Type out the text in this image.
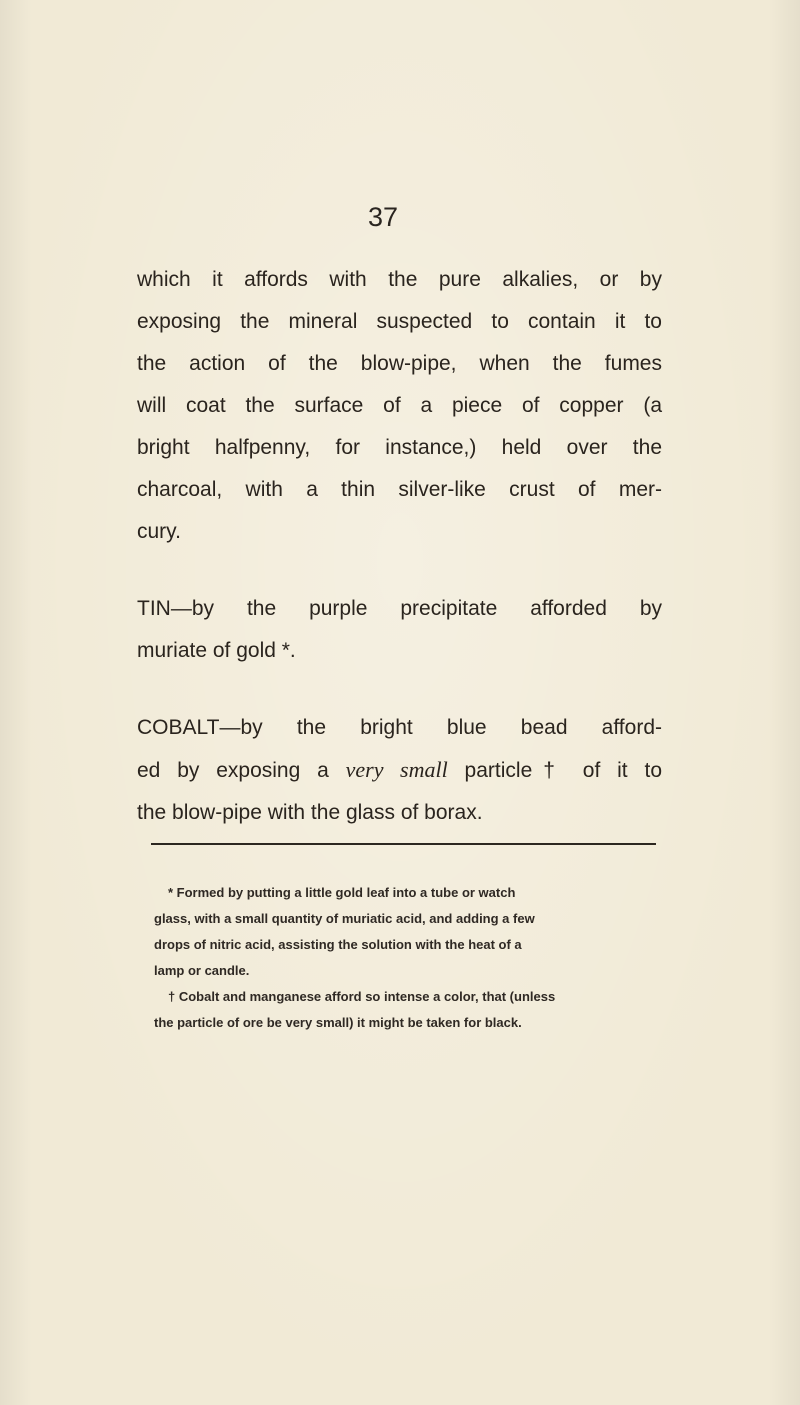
37

which it affords with the pure alkalies, or by
exposing the mineral suspected to contain it to
the action of the blow-pipe, when the fumes
will coat the surface of a piece of copper (a
bright halfpenny, for instance,) held over the
charcoal, with a thin silver-like crust of mer-
cury.

TIN—by the purple precipitate afforded by
muriate of gold *.

COBALT—by the bright blue bead afford-
ed by exposing a very small particle† of it to
the blow-pipe with the glass of borax.

* Formed by putting a little gold leaf into a tube or watch
glass, with a small quantity of muriatic acid, and adding a few
drops of nitric acid, assisting the solution with the heat of a
lamp or candle.
† Cobalt and manganese afford so intense a color, that (unless
the particle of ore be very small) it might be taken for black.
